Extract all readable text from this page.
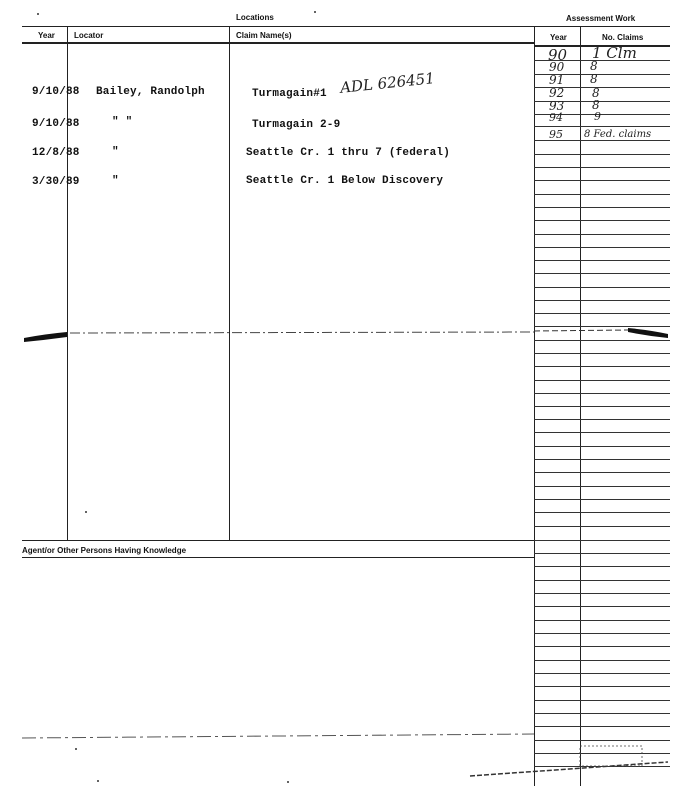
Locations	Assessment Work
Year Locator	Claim Name(s)	Year	No. Claims
9/10/88 Bailey, Randolph	Turmagain#1 ADL 626451
9/10/88	" "	Turmagain 2-9
12/8/88	"	Seattle Cr. 1 thru 7 (federal)
3/30/89	"	Seattle Cr. 1 Below Discovery
90 1 Clm
90 8
91 8
92 8
93 8
94	9
95 8 Fed. claims
Agent/or Other Persons Having Knowledge
